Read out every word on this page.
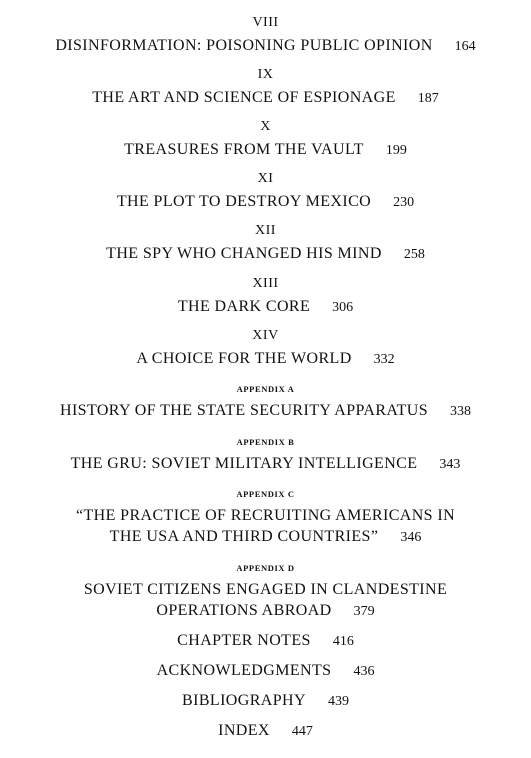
VIII
DISINFORMATION: POISONING PUBLIC OPINION 164
IX
THE ART AND SCIENCE OF ESPIONAGE 187
X
TREASURES FROM THE VAULT 199
XI
THE PLOT TO DESTROY MEXICO 230
XII
THE SPY WHO CHANGED HIS MIND 258
XIII
THE DARK CORE 306
XIV
A CHOICE FOR THE WORLD 332
APPENDIX A
HISTORY OF THE STATE SECURITY APPARATUS 338
APPENDIX B
THE GRU: SOVIET MILITARY INTELLIGENCE 343
APPENDIX C
“THE PRACTICE OF RECRUITING AMERICANS IN
THE USA AND THIRD COUNTRIES” 346
APPENDIX D
SOVIET CITIZENS ENGAGED IN CLANDESTINE
OPERATIONS ABROAD 379
CHAPTER NOTES 416
ACKNOWLEDGMENTS 436
BIBLIOGRAPHY 439
INDEX 447
